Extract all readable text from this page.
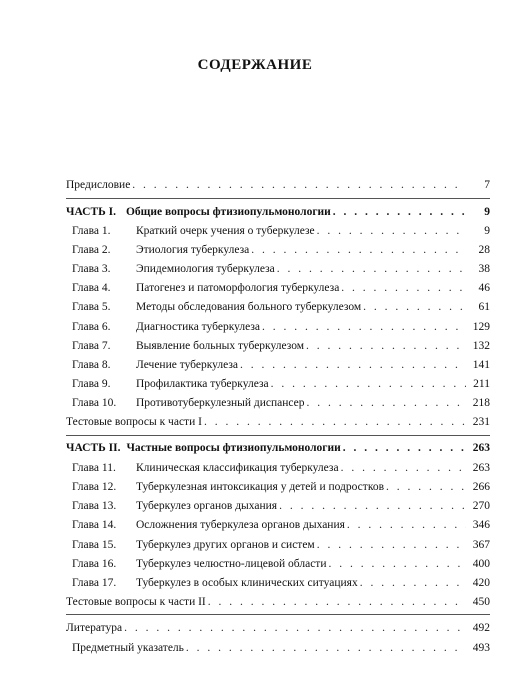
СОДЕРЖАНИЕ
Предисловие . . .	7
ЧАСТЬ I. Общие вопросы фтизиопульмонологии . . .	9
Глава 1.	Краткий очерк учения о туберкулезе . . .	9
Глава 2.	Этиология туберкулеза . . .	28
Глава 3.	Эпидемиология туберкулеза . . .	38
Глава 4.	Патогенез и патоморфология туберкулеза . . .	46
Глава 5.	Методы обследования больного туберкулезом . . .	61
Глава 6.	Диагностика туберкулеза . . .	129
Глава 7.	Выявление больных туберкулезом . . .	132
Глава 8.	Лечение туберкулеза . . .	141
Глава 9.	Профилактика туберкулеза . . .	211
Глава 10.	Противотуберкулезный диспансер . . .	218
Тестовые вопросы к части I . . .	231
ЧАСТЬ II. Частные вопросы фтизиопульмонологии . . .	263
Глава 11.	Клиническая классификация туберкулеза . . .	263
Глава 12.	Туберкулезная интоксикация у детей и подростков . . .	266
Глава 13.	Туберкулез органов дыхания . . .	270
Глава 14.	Осложнения туберкулеза органов дыхания . . .	346
Глава 15.	Туберкулез других органов и систем . . .	367
Глава 16.	Туберкулез челюстно-лицевой области . . .	400
Глава 17.	Туберкулез в особых клинических ситуациях . . .	420
Тестовые вопросы к части II . . .	450
Литература . . .	492
Предметный указатель . . .	493
